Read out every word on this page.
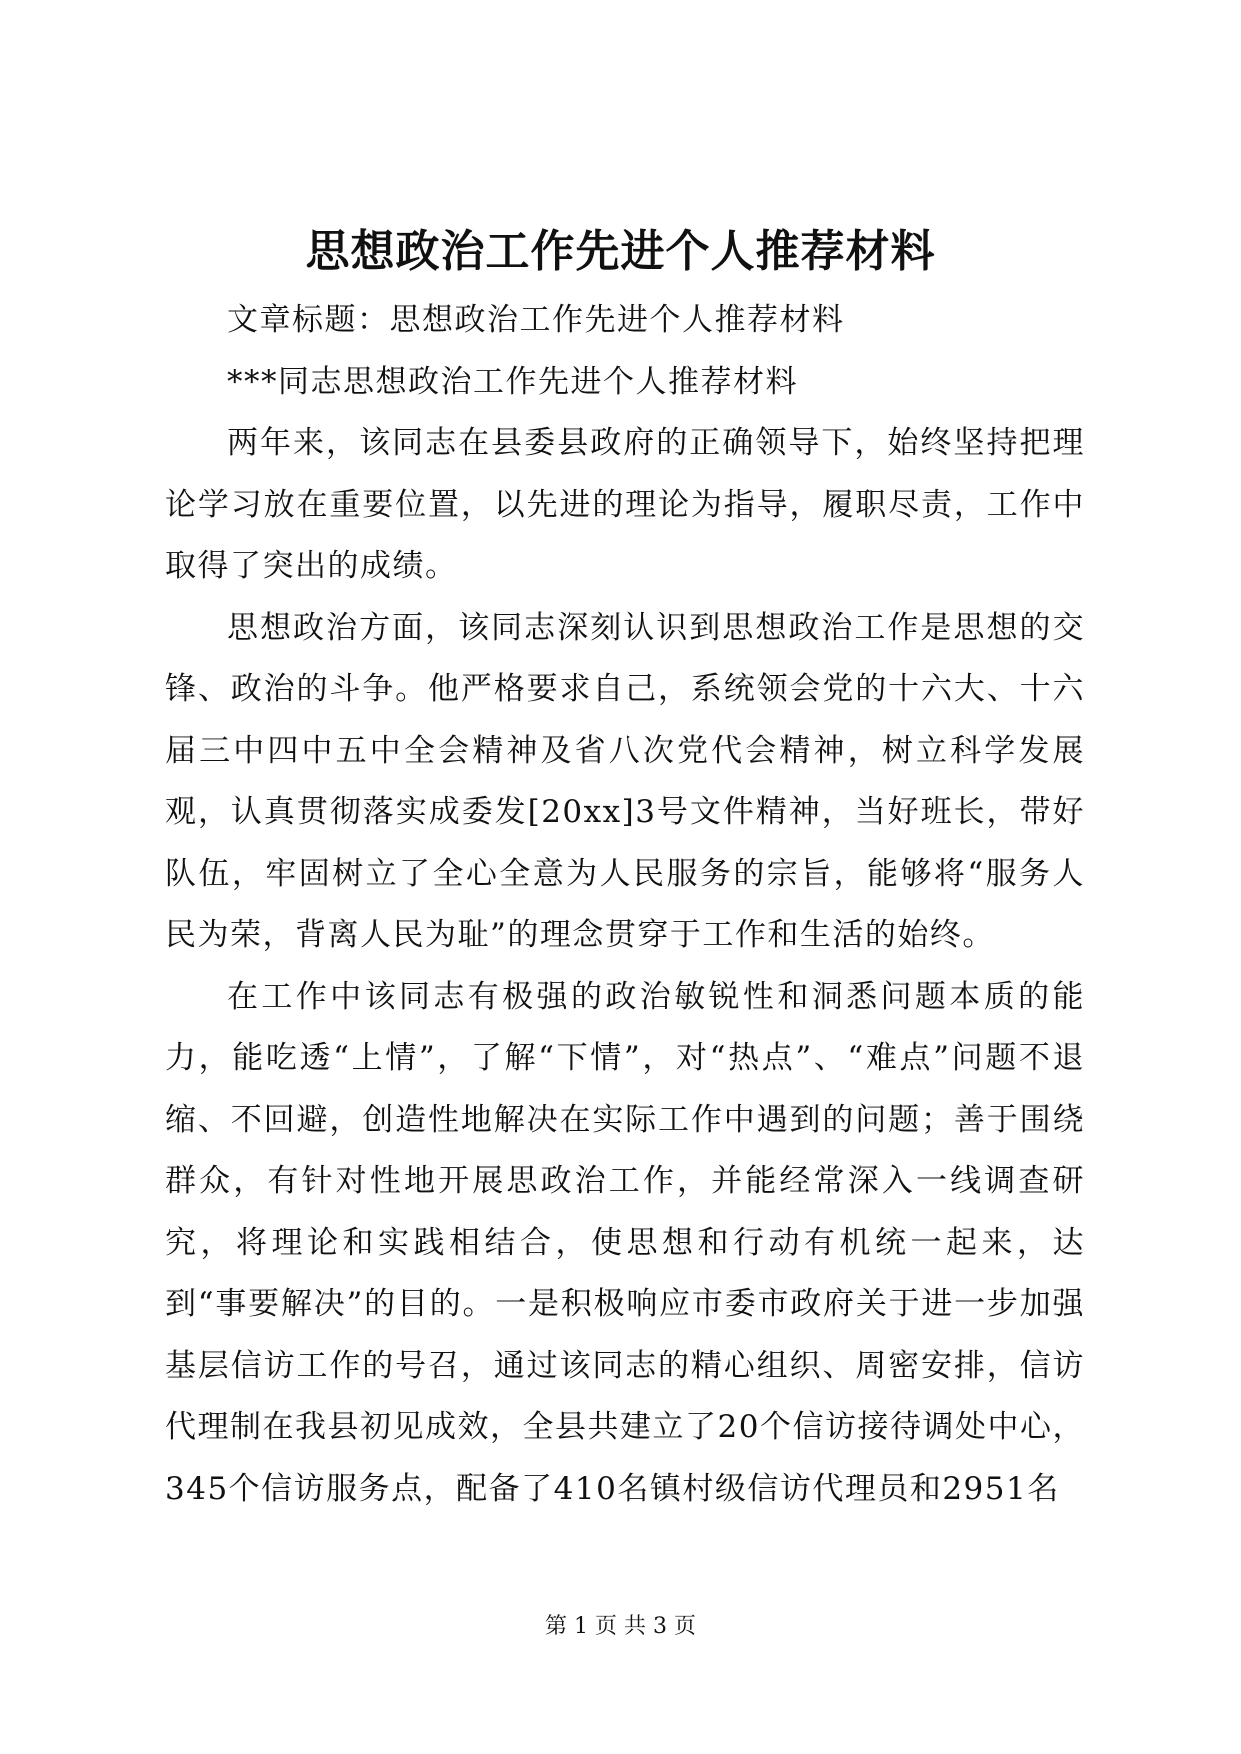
思想政治工作先进个人推荐材料

文章标题：思想政治工作先进个人推荐材料

***同志思想政治工作先进个人推荐材料

两年来，该同志在县委县政府的正确领导下，始终坚持把理论学习放在重要位置，以先进的理论为指导，履职尽责，工作中取得了突出的成绩。

思想政治方面，该同志深刻认识到思想政治工作是思想的交锋、政治的斗争。他严格要求自己，系统领会党的十六大、十六届三中四中五中全会精神及省八次党代会精神，树立科学发展观，认真贯彻落实成委发[20xx]3号文件精神，当好班长，带好队伍，牢固树立了全心全意为人民服务的宗旨，能够将“服务人民为荣，背离人民为耻”的理念贯穿于工作和生活的始终。

在工作中该同志有极强的政治敏锐性和洞悉问题本质的能力，能吃透“上情”，了解“下情”，对“热点”、“难点”问题不退缩、不回避，创造性地解决在实际工作中遇到的问题；善于围绕群众，有针对性地开展思政治工作，并能经常深入一线调查研究，将理论和实践相结合，使思想和行动有机统一起来，达到“事要解决”的目的。一是积极响应市委市政府关于进一步加强基层信访工作的号召，通过该同志的精心组织、周密安排，信访代理制在我县初见成效，全县共建立了20个信访接待调处中心，345个信访服务点，配备了410名镇村级信访代理员和2951名

第 1 页 共 3 页
